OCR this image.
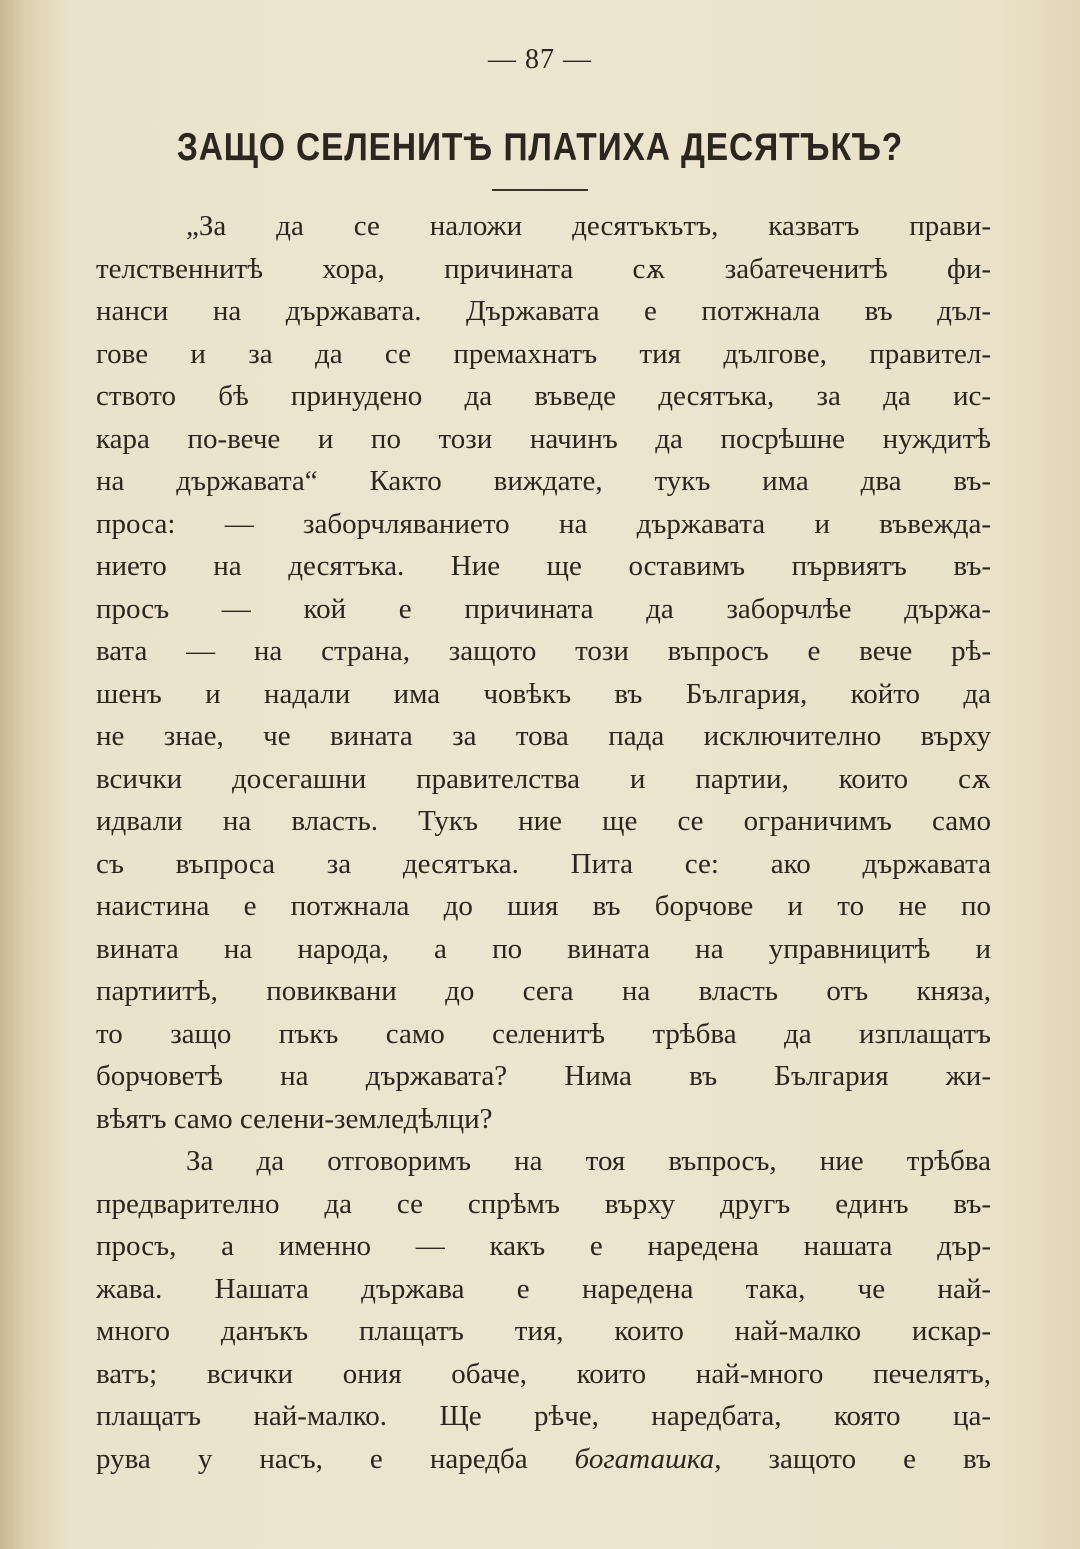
— 87 —
ЗАЩО СЕЛЕНИТѢ ПЛАТИХА ДЕСЯТЪКЪ?
„За да се наложи десятъкътъ, казватъ прави-
телственнитѣ хора, причината сѫ забатеченитѣ фи-
нанси на държавата. Държавата е потжнала въ дъл-
гове и за да се премахнатъ тия дългове, правител-
ството бѣ принудено да въведе десятъка, за да ис-
кара по-вече и по този начинъ да посрѣшне нуждитѣ
на държавата“ Както виждате, тукъ има два въ-
проса: — заборчляванието на държавата и въвежда-
нието на десятъка. Ние ще оставимъ първиятъ въ-
просъ — кой е причината да заборчлѣе държа-
вата — на страна, защото този въпросъ е вече рѣ-
шенъ и надали има човѣкъ въ България, който да
не знае, че вината за това пада исключително върху
всички досегашни правителства и партии, които сѫ
идвали на власть. Тукъ ние ще се ограничимъ само
съ въпроса за десятъка. Пита се: ако държавата
наистина е потжнала до шия въ борчове и то не по
вината на народа, а по вината на управницитѣ и
партиитѣ, повиквани до сега на власть отъ княза,
то защо пъкъ само селенитѣ трѣбва да изплащатъ
борчоветѣ на държавата? Нима въ България жи-
вѣятъ само селени-земледѣлци?
За да отговоримъ на тоя въпросъ, ние трѣбва
предварително да се спрѣмъ върху другъ единъ въ-
просъ, а именно — какъ е наредена нашата дър-
жава. Нашата държава е наредена така, че най-
много данъкъ плащатъ тия, които най-малко искар-
ватъ; всички ония обаче, които най-много печелятъ,
плащатъ най-малко. Ще рѣче, наредбата, която ца-
рува у насъ, е наредба богаташка, защото е въ
